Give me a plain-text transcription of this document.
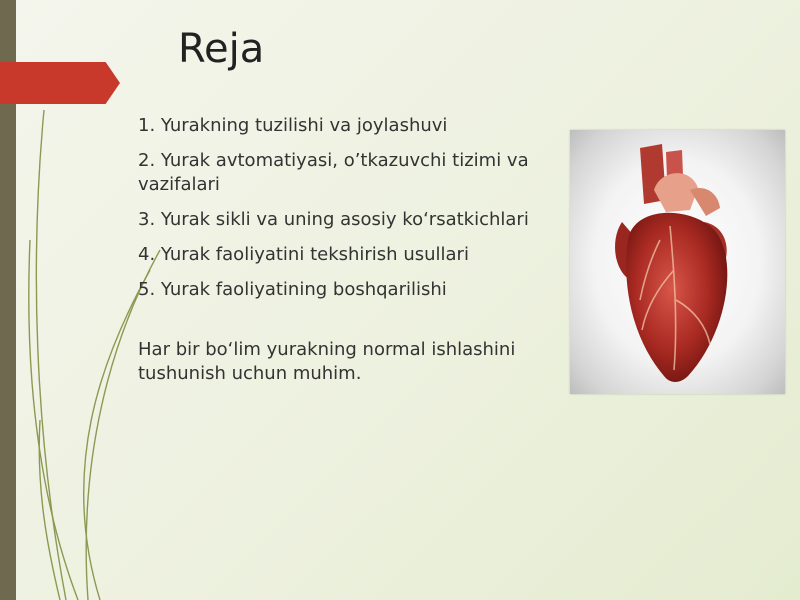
Reja
1. Yurakning tuzilishi va joylashuvi
2. Yurak avtomatiyasi, o’tkazuvchi tizimi va vazifalari
3. Yurak sikli va uning asosiy ko‘rsatkichlari
4. Yurak faoliyatini tekshirish usullari
5. Yurak faoliyatining boshqarilishi
Har bir bo‘lim yurakning normal ishlashini tushunish uchun muhim.
